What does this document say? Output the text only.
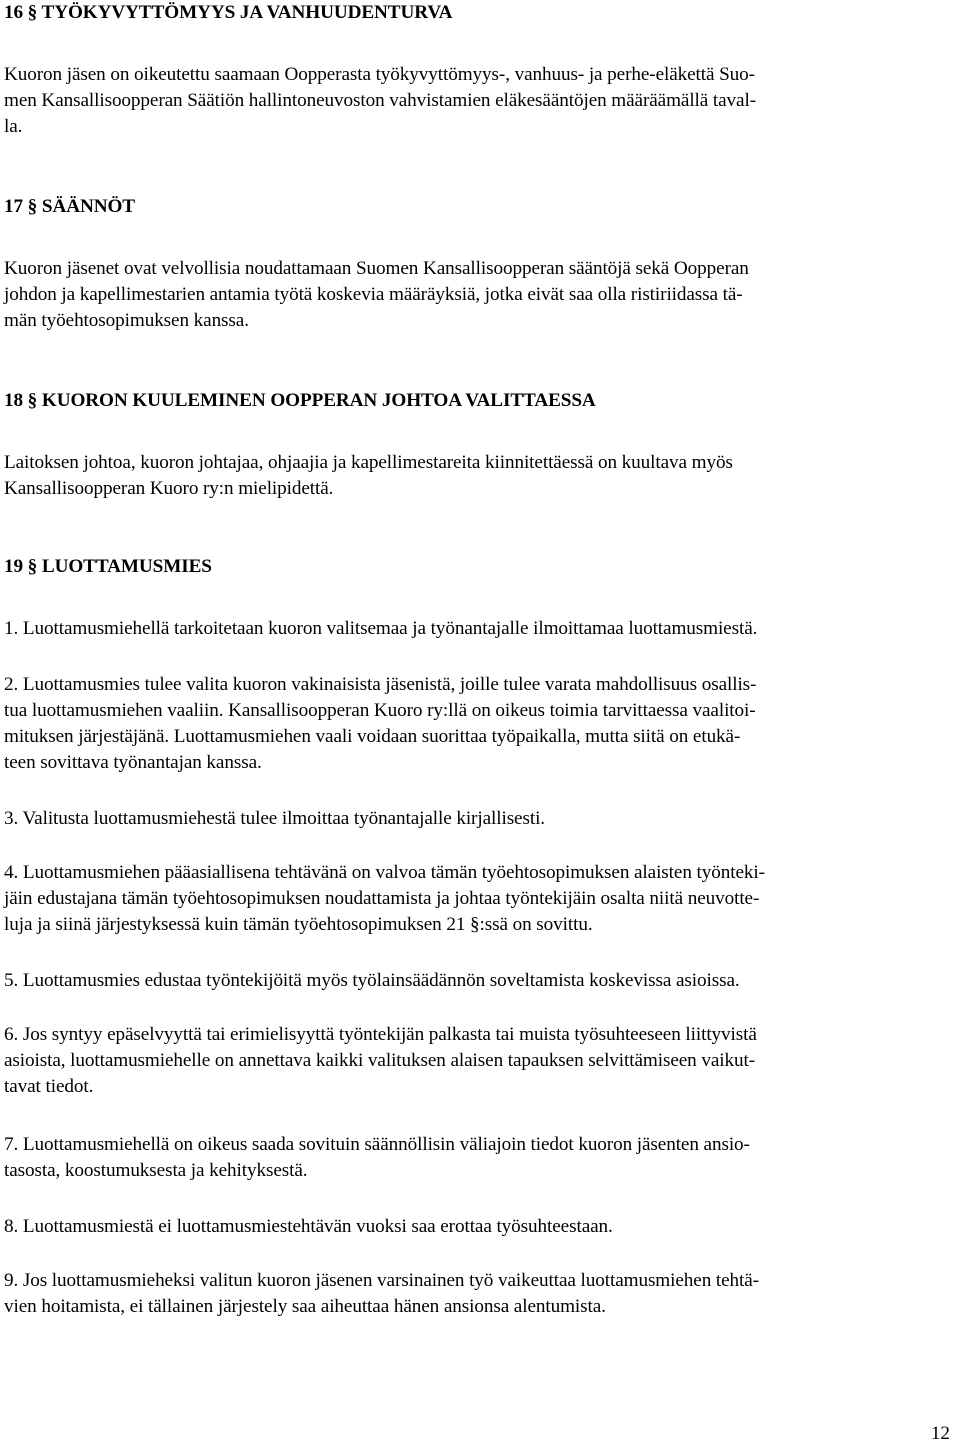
16 § TYÖKYVYTTÖMYYS JA VANHUUDENTURVA
Kuoron jäsen on oikeutettu saamaan Oopperasta työkyvyttömyys-, vanhuus- ja perhe-eläkettä Suo-
men Kansallisoopperan Säätiön hallintoneuvoston vahvistamien eläkesääntöjen määräämällä taval-
la.
17 § SÄÄNNÖT
Kuoron jäsenet ovat velvollisia noudattamaan Suomen Kansallisoopperan sääntöjä sekä Oopperan
johdon ja kapellimestarien antamia työtä koskevia määräyksiä, jotka eivät saa olla ristiriidassa tä-
män työehtosopimuksen kanssa.
18 § KUORON KUULEMINEN OOPPERAN JOHTOA VALITTAESSA
Laitoksen johtoa, kuoron johtajaa, ohjaajia ja kapellimestareita kiinnitettäessä on kuultava myös
Kansallisoopperan Kuoro ry:n mielipidettä.
19 § LUOTTAMUSMIES
1. Luottamusmiehellä tarkoitetaan kuoron valitsemaa ja työnantajalle ilmoittamaa luottamusmiestä.
2. Luottamusmies tulee valita kuoron vakinaisista jäsenistä, joille tulee varata mahdollisuus osallis-
tua luottamusmiehen vaaliin. Kansallisoopperan Kuoro ry:llä on oikeus toimia tarvittaessa vaalitoi-
mituksen järjestäjänä. Luottamusmiehen vaali voidaan suorittaa työpaikalla, mutta siitä on etukä-
teen sovittava työnantajan kanssa.
3. Valitusta luottamusmiehestä tulee ilmoittaa työnantajalle kirjallisesti.
4. Luottamusmiehen pääasiallisena tehtävänä on valvoa tämän työehtosopimuksen alaisten työnteki-
jäin edustajana tämän työehtosopimuksen noudattamista ja johtaa työntekijäin osalta niitä neuvotte-
luja ja siinä järjestyksessä kuin tämän työehtosopimuksen 21 §:ssä on sovittu.
5. Luottamusmies edustaa työntekijöitä myös työlainsäädännön soveltamista koskevissa asioissa.
6. Jos syntyy epäselvyyttä tai erimielisyyttä työntekijän palkasta tai muista työsuhteeseen liittyvistä
asioista, luottamusmiehelle on annettava kaikki valituksen alaisen tapauksen selvittämiseen vaikut-
tavat tiedot.
7. Luottamusmiehellä on oikeus saada sovituin säännöllisin väliajoin tiedot kuoron jäsenten ansio-
tasosta, koostumuksesta ja kehityksestä.
8. Luottamusmiestä ei luottamusmiestehtävän vuoksi saa erottaa työsuhteestaan.
9. Jos luottamusmieheksi valitun kuoron jäsenen varsinainen työ vaikeuttaa luottamusmiehen tehtä-
vien hoitamista, ei tällainen järjestely saa aiheuttaa hänen ansionsa alentumista.
12
